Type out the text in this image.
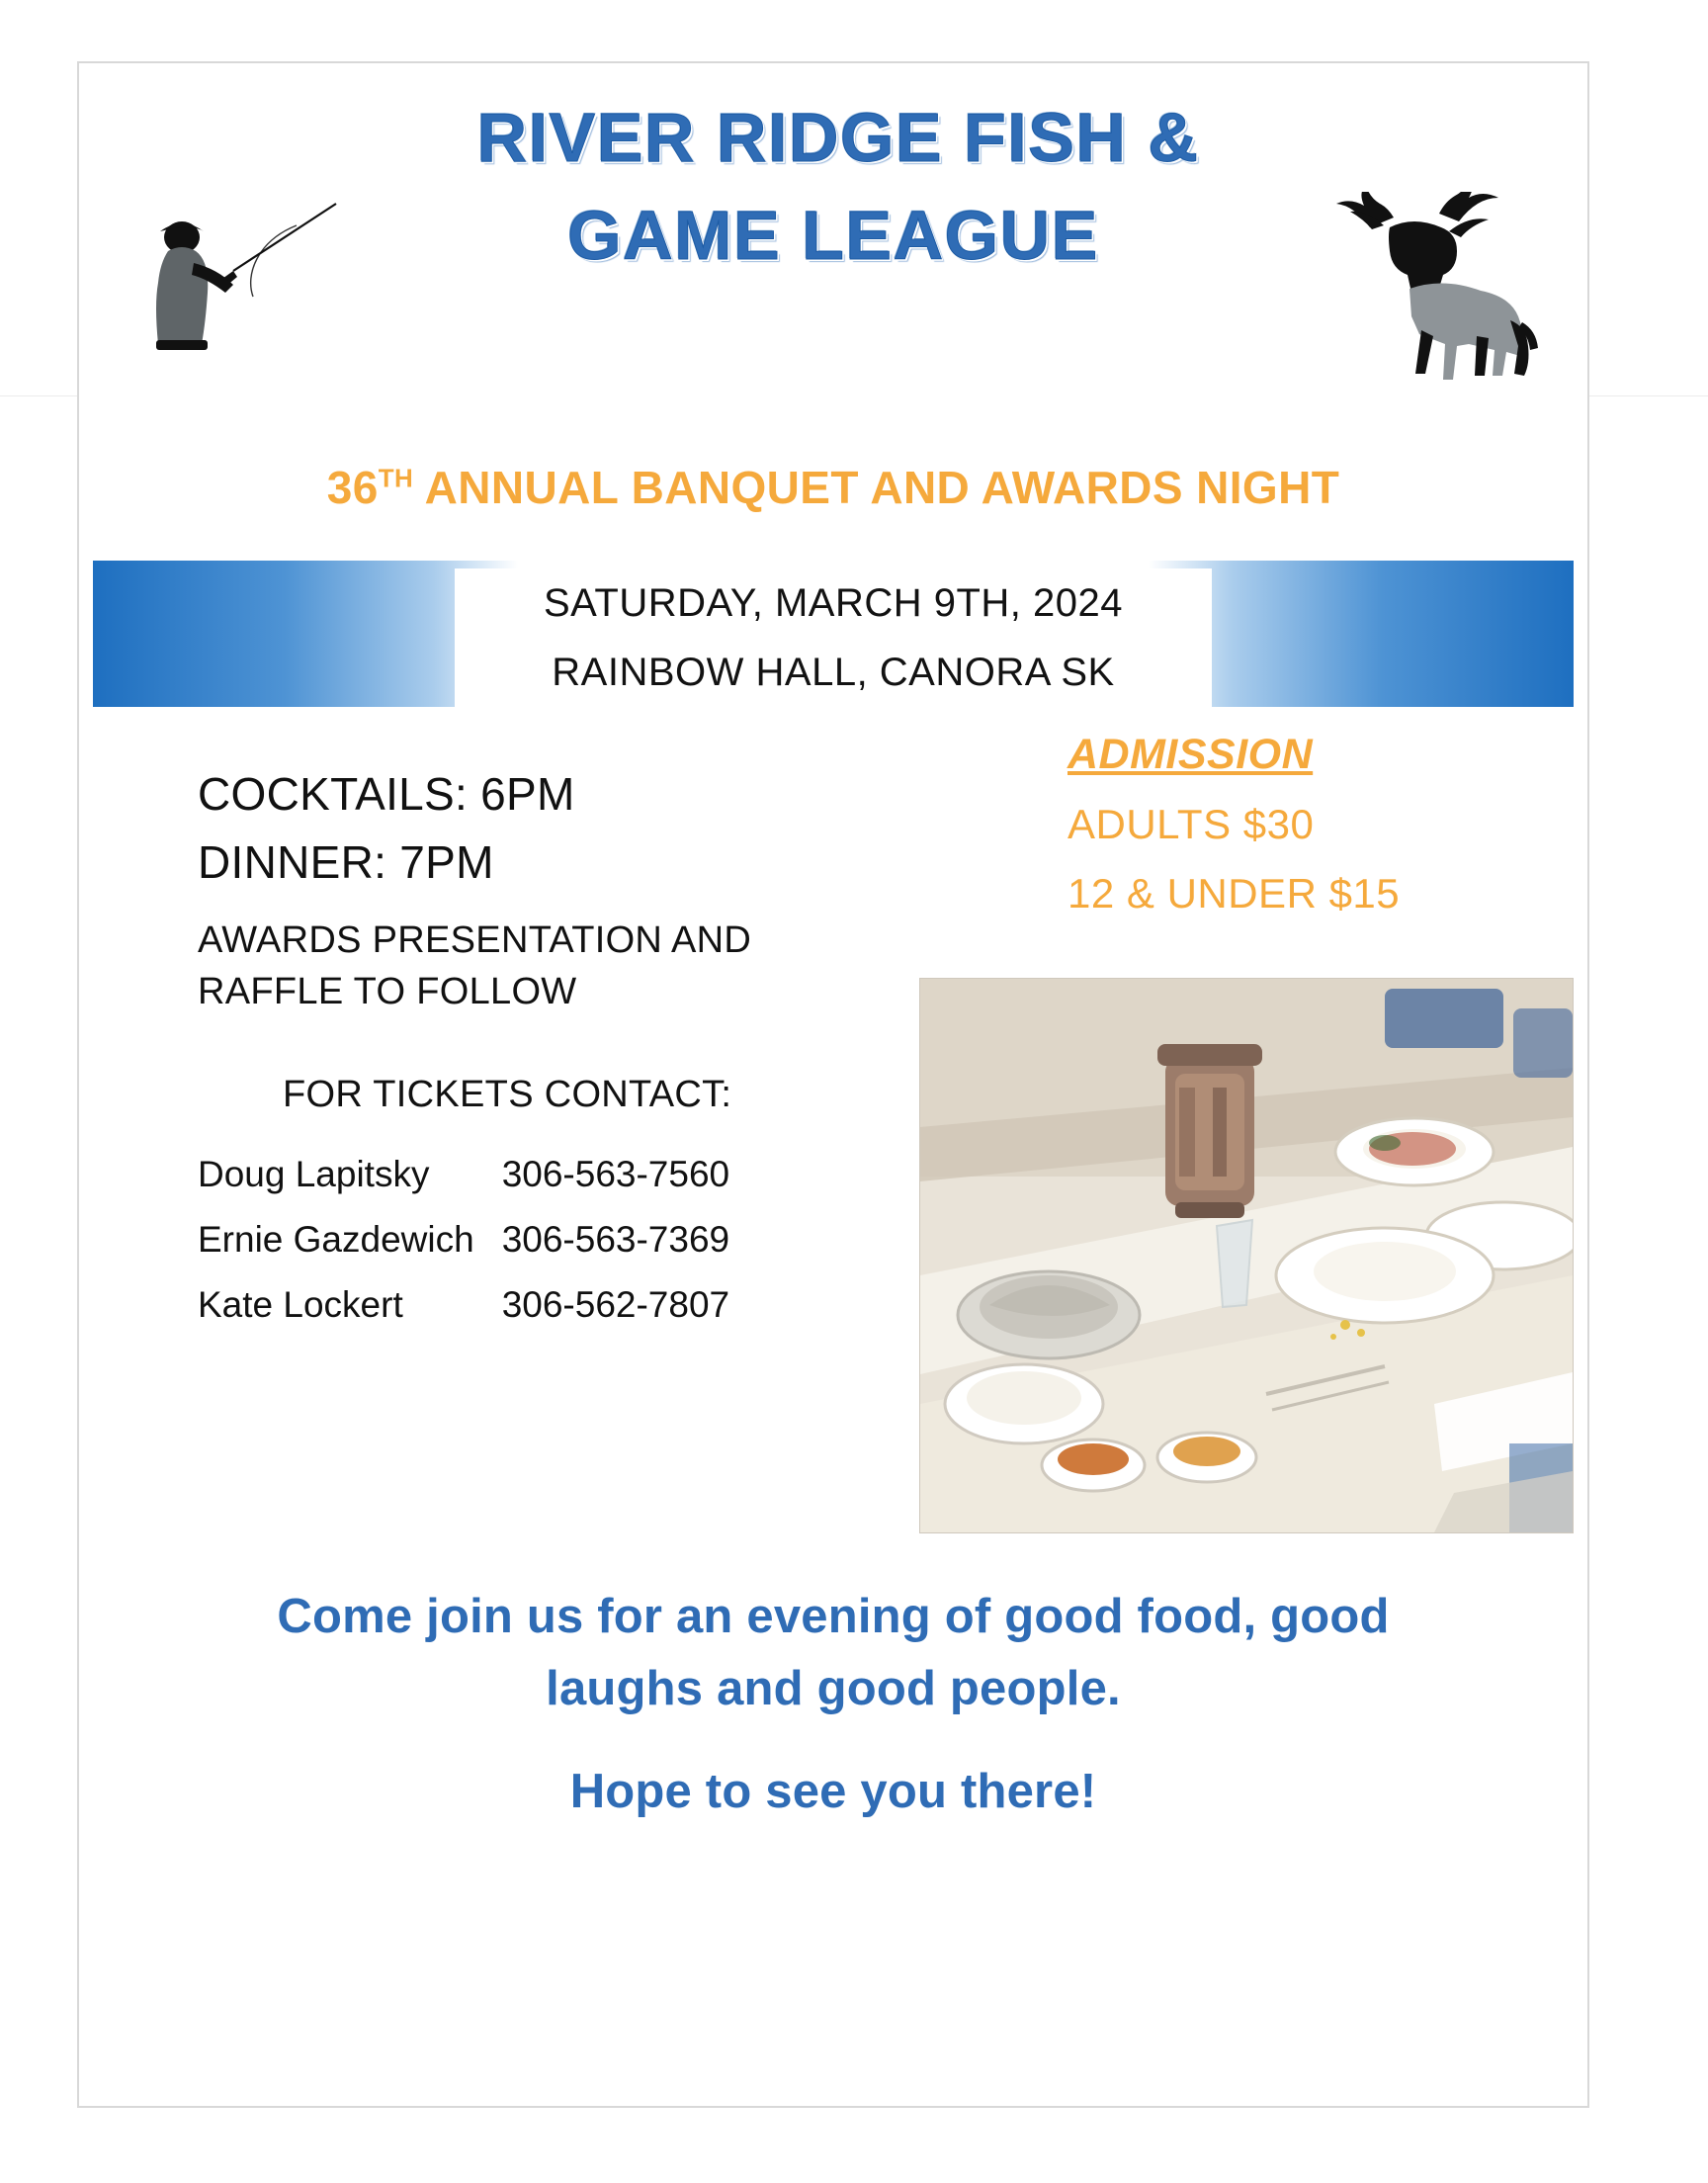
RIVER RIDGE FISH &
GAME LEAGUE
36TH ANNUAL BANQUET AND AWARDS NIGHT
SATURDAY, MARCH 9TH, 2024
RAINBOW HALL, CANORA SK
COCKTAILS: 6PM
DINNER: 7PM
AWARDS PRESENTATION AND
RAFFLE TO FOLLOW
FOR TICKETS CONTACT:
Doug Lapitsky	306-563-7560
Ernie Gazdewich	306-563-7369
Kate Lockert	306-562-7807
ADMISSION
ADULTS $30
12 & UNDER $15
Come join us for an evening of good food, good
laughs and good people.
Hope to see you there!
